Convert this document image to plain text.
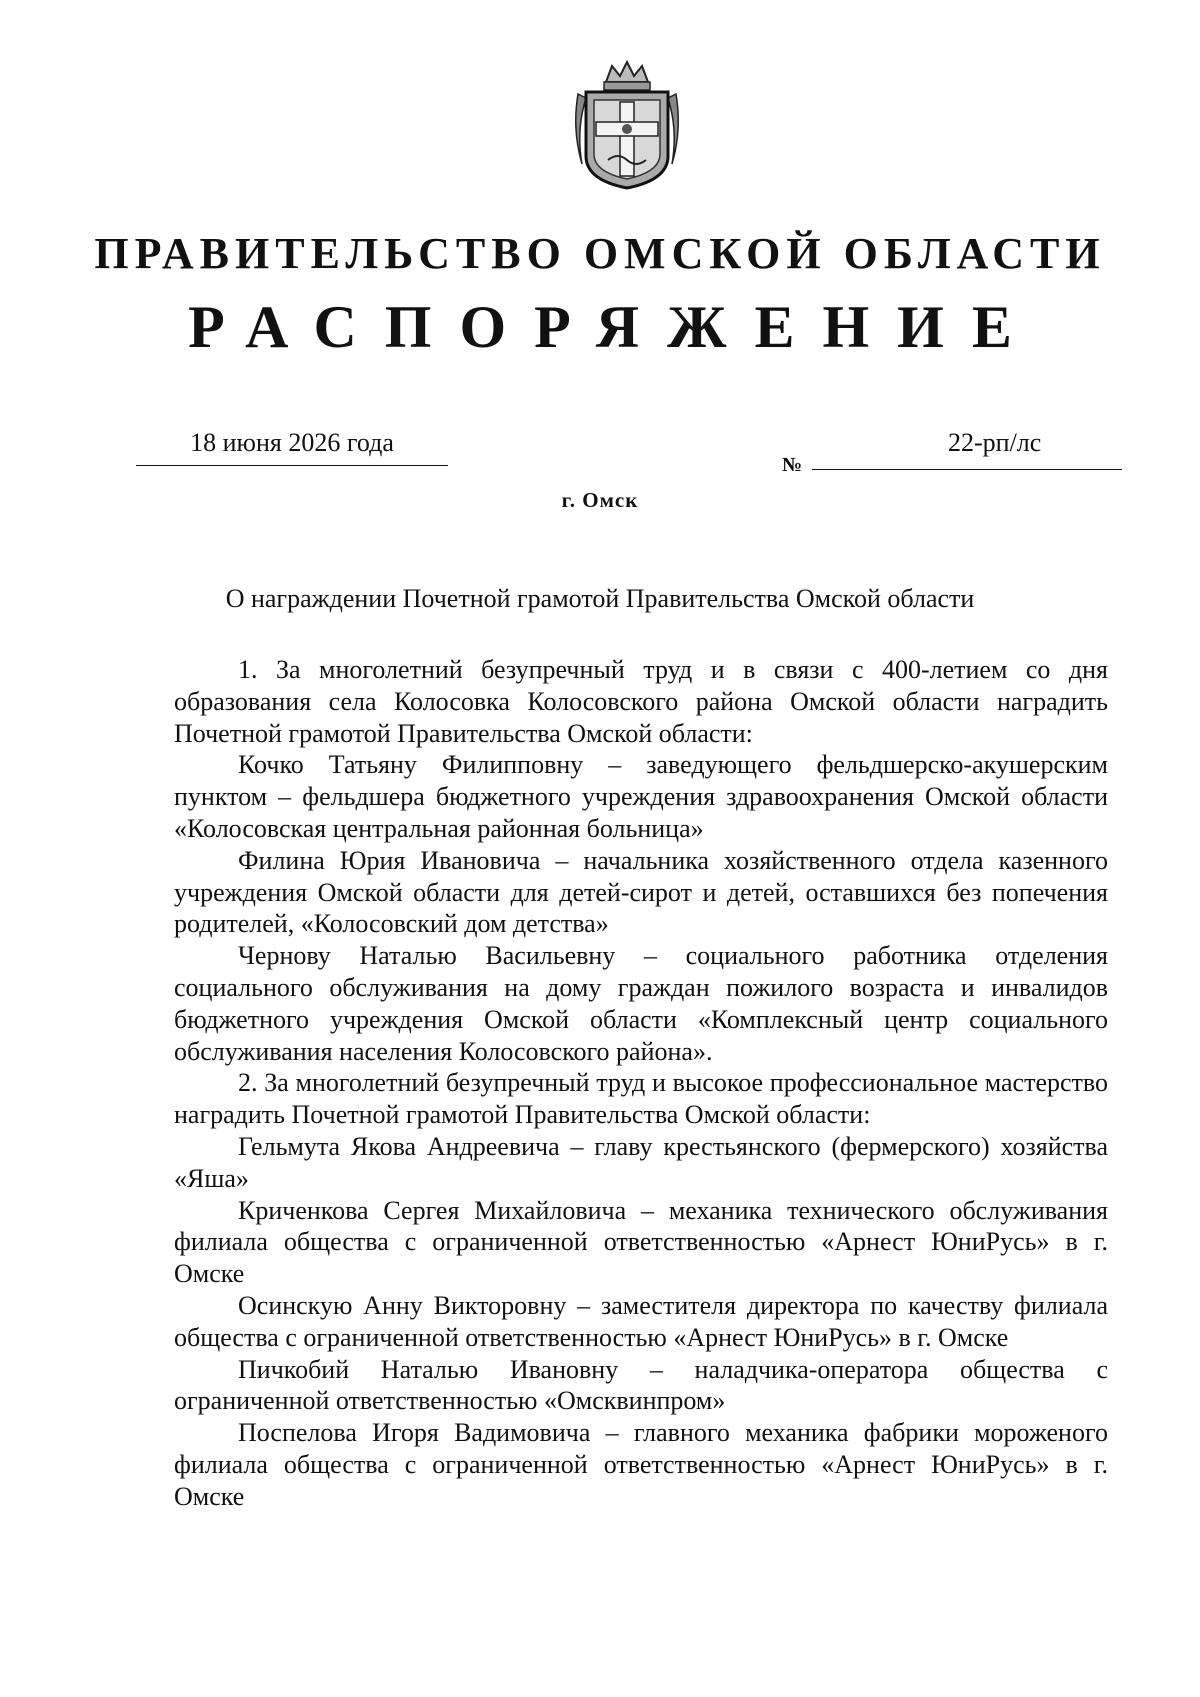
ПРАВИТЕЛЬСТВО ОМСКОЙ ОБЛАСТИ
РАСПОРЯЖЕНИЕ
18 июня 2026 года
№
22-рп/лс
г. Омск
О награждении Почетной грамотой Правительства Омской области

1. За многолетний безупречный труд и в связи с 400-летием со дня образования села Колосовка Колосовского района Омской области наградить Почетной грамотой Правительства Омской области:

Кочко Татьяну Филипповну – заведующего фельдшерско-акушерским пунктом – фельдшера бюджетного учреждения здравоохранения Омской области «Колосовская центральная районная больница»

Филина Юрия Ивановича – начальника хозяйственного отдела казенного учреждения Омской области для детей-сирот и детей, оставшихся без попечения родителей, «Колосовский дом детства»

Чернову Наталью Васильевну – социального работника отделения социального обслуживания на дому граждан пожилого возраста и инвалидов бюджетного учреждения Омской области «Комплексный центр социального обслуживания населения Колосовского района».

2. За многолетний безупречный труд и высокое профессиональное мастерство наградить Почетной грамотой Правительства Омской области:

Гельмута Якова Андреевича – главу крестьянского (фермерского) хозяйства «Яша»

Криченкова Сергея Михайловича – механика технического обслуживания филиала общества с ограниченной ответственностью «Арнест ЮниРусь» в г. Омске

Осинскую Анну Викторовну – заместителя директора по качеству филиала общества с ограниченной ответственностью «Арнест ЮниРусь» в г. Омске

Пичкобий Наталью Ивановну – наладчика-оператора общества с ограниченной ответственностью «Омсквинпром»

Поспелова Игоря Вадимовича – главного механика фабрики мороженого филиала общества с ограниченной ответственностью «Арнест ЮниРусь» в г. Омске
